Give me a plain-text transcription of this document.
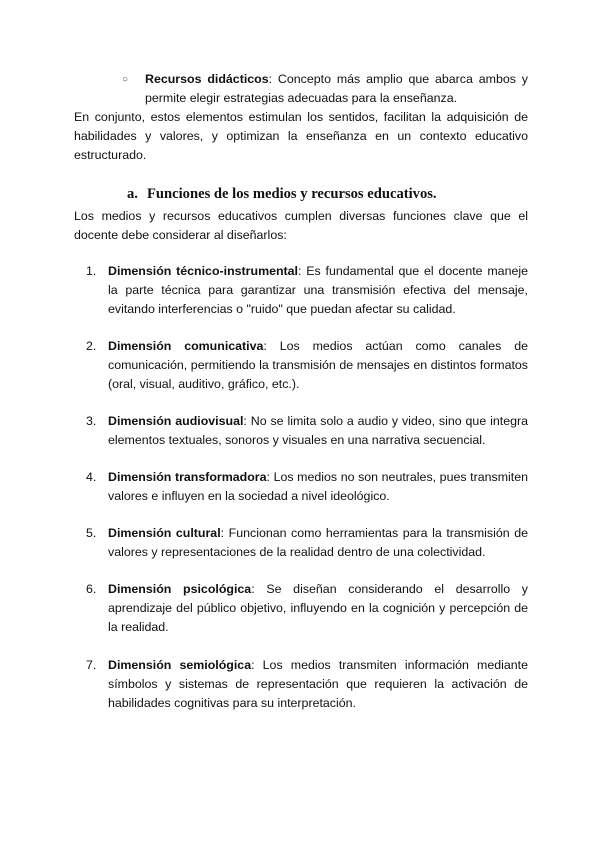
○	Recursos didácticos: Concepto más amplio que abarca ambos y permite elegir estrategias adecuadas para la enseñanza.
En conjunto, estos elementos estimulan los sentidos, facilitan la adquisición de habilidades y valores, y optimizan la enseñanza en un contexto educativo estructurado.
a. Funciones de los medios y recursos educativos.
Los medios y recursos educativos cumplen diversas funciones clave que el docente debe considerar al diseñarlos:
1. Dimensión técnico-instrumental: Es fundamental que el docente maneje la parte técnica para garantizar una transmisión efectiva del mensaje, evitando interferencias o "ruido" que puedan afectar su calidad.
2. Dimensión comunicativa: Los medios actúan como canales de comunicación, permitiendo la transmisión de mensajes en distintos formatos (oral, visual, auditivo, gráfico, etc.).
3. Dimensión audiovisual: No se limita solo a audio y video, sino que integra elementos textuales, sonoros y visuales en una narrativa secuencial.
4. Dimensión transformadora: Los medios no son neutrales, pues transmiten valores e influyen en la sociedad a nivel ideológico.
5. Dimensión cultural: Funcionan como herramientas para la transmisión de valores y representaciones de la realidad dentro de una colectividad.
6. Dimensión psicológica: Se diseñan considerando el desarrollo y aprendizaje del público objetivo, influyendo en la cognición y percepción de la realidad.
7. Dimensión semiológica: Los medios transmiten información mediante símbolos y sistemas de representación que requieren la activación de habilidades cognitivas para su interpretación.
